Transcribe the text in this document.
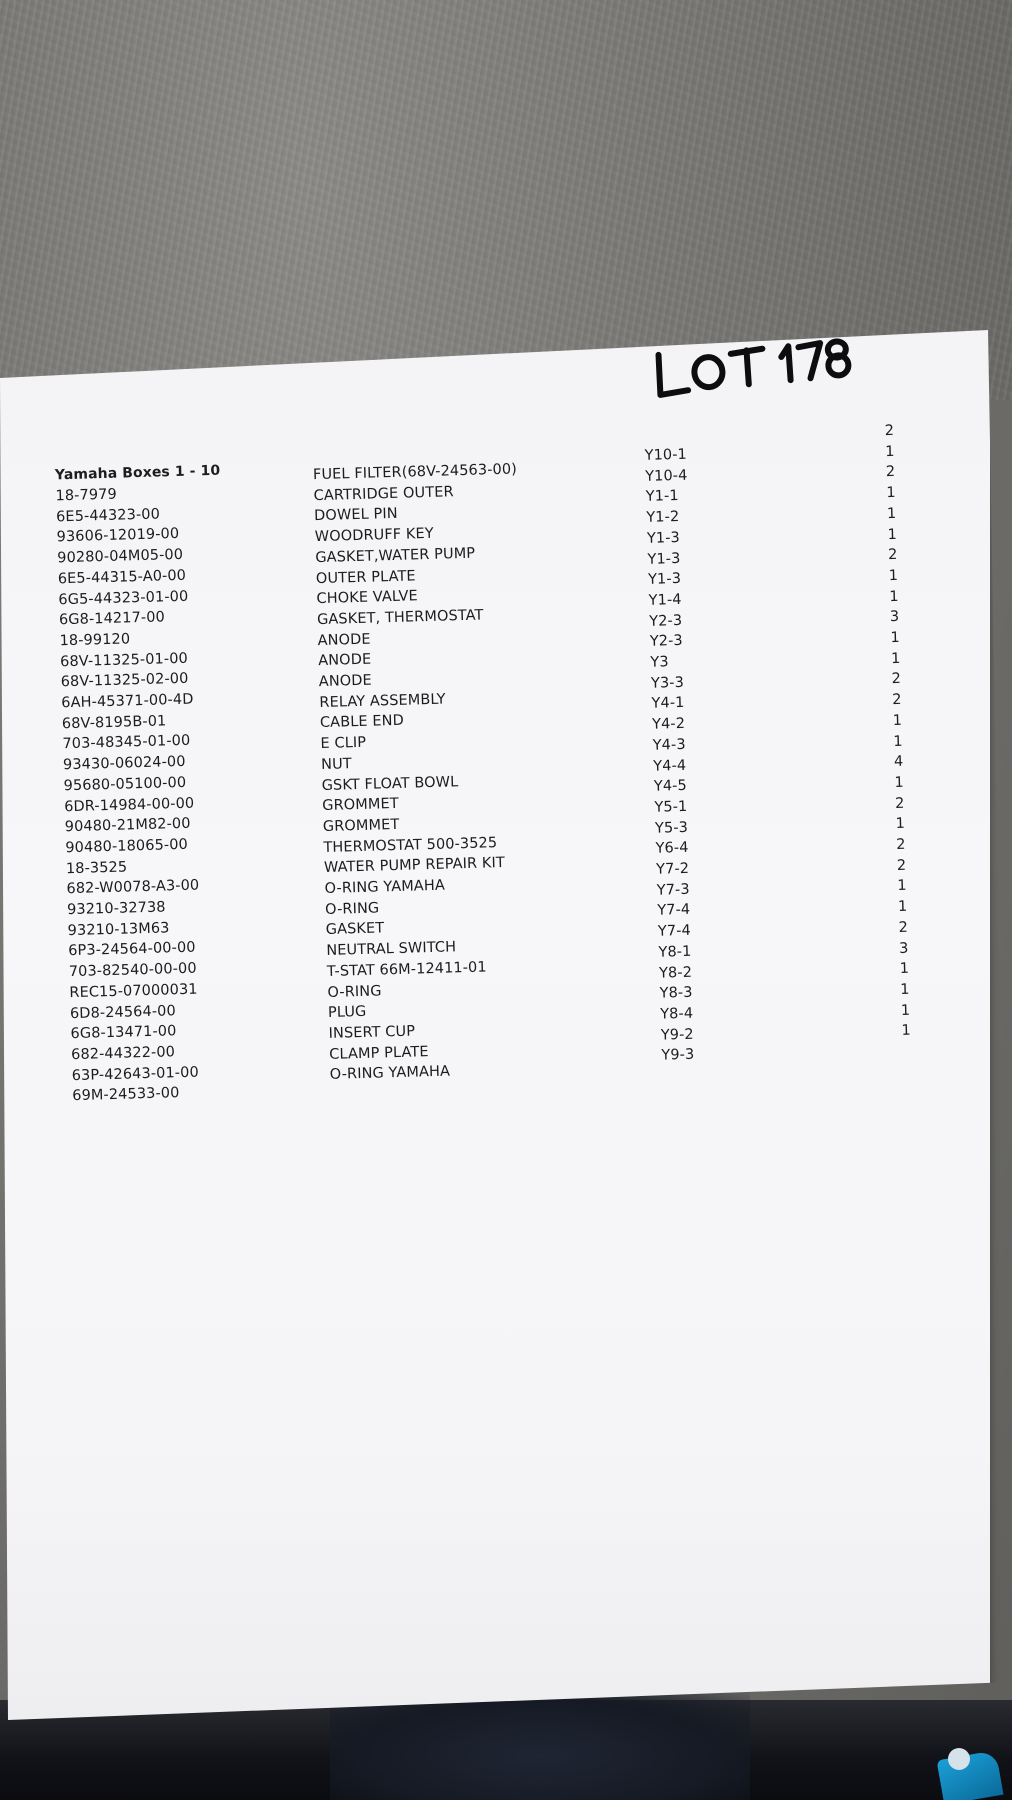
Yamaha Boxes 1 - 10
18-7979
6E5-44323-00
93606-12019-00
90280-04M05-00
6E5-44315-A0-00
6G5-44323-01-00
6G8-14217-00
18-99120
68V-11325-01-00
68V-11325-02-00
6AH-45371-00-4D
68V-8195B-01
703-48345-01-00
93430-06024-00
95680-05100-00
6DR-14984-00-00
90480-21M82-00
90480-18065-00
18-3525
682-W0078-A3-00
93210-32738
93210-13M63
6P3-24564-00-00
703-82540-00-00
REC15-07000031
6D8-24564-00
6G8-13471-00
682-44322-00
63P-42643-01-00
69M-24533-00
FUEL FILTER(68V-24563-00)
CARTRIDGE OUTER
DOWEL PIN
WOODRUFF KEY
GASKET,WATER PUMP
OUTER PLATE
CHOKE VALVE
GASKET, THERMOSTAT
ANODE
ANODE
ANODE
RELAY ASSEMBLY
CABLE END
E CLIP
NUT
GSKT FLOAT BOWL
GROMMET
GROMMET
THERMOSTAT 500-3525
WATER PUMP REPAIR KIT
O-RING YAMAHA
O-RING
GASKET
NEUTRAL SWITCH
T-STAT 66M-12411-01
O-RING
PLUG
INSERT CUP
CLAMP PLATE
O-RING YAMAHA
Y10-1
Y10-4
Y1-1
Y1-2
Y1-3
Y1-3
Y1-3
Y1-4
Y2-3
Y2-3
Y3
Y3-3
Y4-1
Y4-2
Y4-3
Y4-4
Y4-5
Y5-1
Y5-3
Y6-4
Y7-2
Y7-3
Y7-4
Y7-4
Y8-1
Y8-2
Y8-3
Y8-4
Y9-2
Y9-3
2
1
2
1
1
1
2
1
1
3
1
1
2
2
1
1
4
1
2
1
2
2
1
1
2
3
1
1
1
1
